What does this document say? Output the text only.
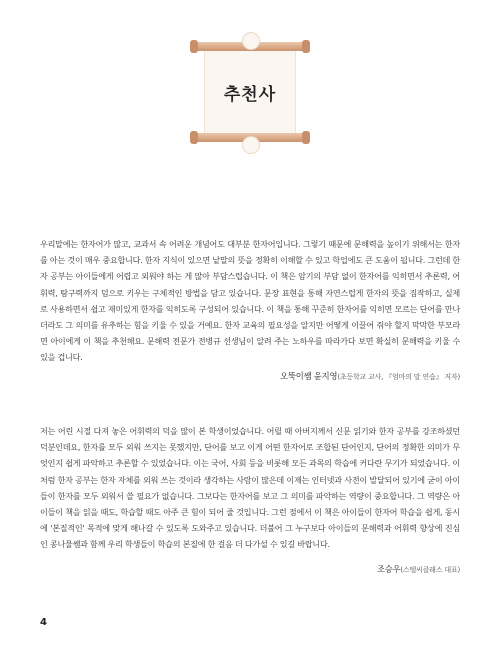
추천사

우리말에는 한자어가 많고, 교과서 속 어려운 개념어도 대부분 한자어입니다. 그렇기 때문에 문해력을 높이기 위해서는 한자를 아는 것이 매우 중요합니다. 한자 지식이 있으면 낱말의 뜻을 정확히 이해할 수 있고 학업에도 큰 도움이 됩니다. 그런데 한자 공부는 아이들에게 어렵고 외워야 하는 게 많아 부담스럽습니다. 이 책은 암기의 부담 없이 한자어를 익히면서 추론력, 어휘력, 탐구력까지 덤으로 키우는 구체적인 방법을 담고 있습니다. 문장 표현을 통해 자연스럽게 한자의 뜻을 짐작하고, 실제로 사용하면서 쉽고 재미있게 한자를 익히도록 구성되어 있습니다. 이 책을 통해 꾸준히 한자어를 익히면 모르는 단어를 만나더라도 그 의미를 유추하는 힘을 키울 수 있을 거예요. 한자 교육의 필요성을 알지만 어떻게 이끌어 줘야 할지 막막한 부모라면 아이에게 이 책을 추천해요. 문해력 전문가 전병규 선생님이 알려 주는 노하우를 따라가다 보면 확실히 문해력을 키울 수 있을 겁니다.

오뚝이쌤 윤지영(초등학교 교사, 『엄마의 말 연습』 저자)

저는 어린 시절 다져 놓은 어휘력의 덕을 많이 본 학생이었습니다. 어릴 때 아버지께서 신문 읽기와 한자 공부를 강조하셨던 덕분인데요, 한자를 모두 외워 쓰지는 못했지만, 단어를 보고 이게 어떤 한자어로 조합된 단어인지, 단어의 정확한 의미가 무엇인지 쉽게 파악하고 추론할 수 있었습니다. 이는 국어, 사회 등을 비롯해 모든 과목의 학습에 커다란 무기가 되었습니다. 이처럼 한자 공부는 한자 자체를 외워 쓰는 것이라 생각하는 사람이 많은데 이제는 인터넷과 사전이 발달되어 있기에 굳이 아이들이 한자를 모두 외워서 쓸 필요가 없습니다. 그보다는 한자어를 보고 그 의미를 파악하는 역량이 중요합니다. 그 역량은 아이들이 책을 읽을 때도, 학습할 때도 아주 큰 힘이 되어 줄 것입니다. 그런 점에서 이 책은 아이들이 한자어 학습을 쉽게, 동시에 '본질적인' 목적에 맞게 해나갈 수 있도록 도와주고 있습니다. 더불어 그 누구보다 아이들의 문해력과 어휘력 향상에 진심인 콩나물쌤과 함께 우리 학생들이 학습의 본질에 한 걸음 더 다가설 수 있길 바랍니다.

조승우(스텔씨클래스 대표)
4
